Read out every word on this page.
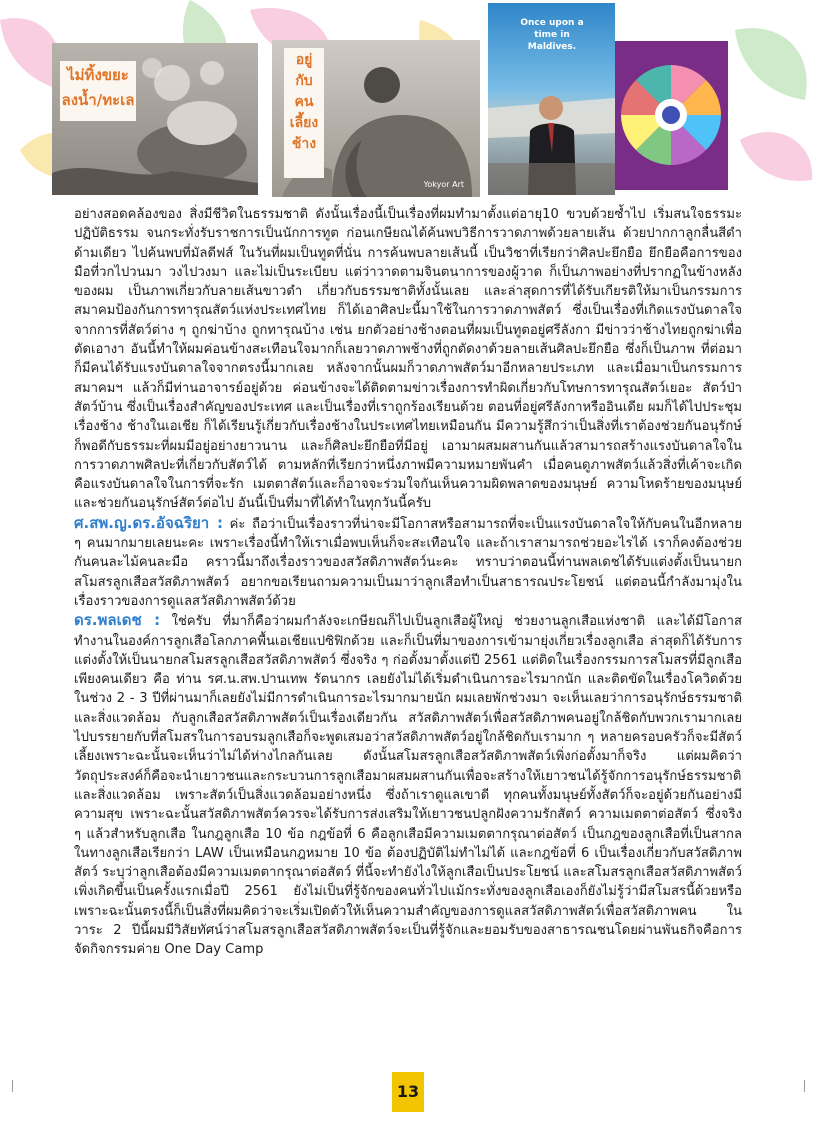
ไม่ทิ้งขยะ
ลงน้ำ/ทะเล
อยู่
กับ
คน
เลี้ยง
ช้าง
Yokyor Art
Once upon a time in Maldives.

อย่างสอดคล้องของ สิ่งมีชีวิตในธรรมชาติ ดังนั้นเรื่องนี้เป็นเรื่องที่ผมทำมาตั้งแต่อายุ10 ขวบด้วยซ้ำไป เริ่มสนใจธรรมะ ปฏิบัติธรรม จนกระทั่งรับราชการเป็นนักการทูต ก่อนเกษียณได้ค้นพบวิธีการวาดภาพด้วยลายเส้น ด้วยปากกาลูกลื่นสีดำด้ามเดียว ไปค้นพบที่มัลดีฟส์ ในวันที่ผมเป็นทูตที่นั่น การค้นพบลายเส้นนี้ เป็นวิชาที่เรียกว่าศิลปะยึกยือ ยึกยือคือการของมือที่วกไปวนมา วงไปวงมา และไม่เป็นระเบียบ แต่ว่าวาดตามจินตนาการของผู้วาด ก็เป็นภาพอย่างที่ปรากฏในข้างหลังของผม เป็นภาพเกี่ยวกับลายเส้นขาวดำ เกี่ยวกับธรรมชาติทั้งนั้นเลย และล่าสุดการที่ได้รับเกียรติให้มาเป็นกรรมการสมาคมป้องกันการทารุณสัตว์แห่งประเทศไทย ก็ได้เอาศิลปะนี้มาใช้ในการวาดภาพสัตว์ ซึ่งเป็นเรื่องที่เกิดแรงบันดาลใจจากการที่สัตว์ต่าง ๆ ถูกฆ่าบ้าง ถูกทารุณบ้าง เช่น ยกตัวอย่างช้างตอนที่ผมเป็นทูตอยู่ศรีลังกา มีข่าวว่าช้างไทยถูกฆ่าเพื่อตัดเอางา อันนี้ทำให้ผมค่อนข้างสะเทือนใจมากก็เลยวาดภาพช้างที่ถูกตัดงาด้วยลายเส้นศิลปะยึกยือ ซึ่งก็เป็นภาพ ที่ต่อมาก็มีคนได้รับแรงบันดาลใจจากตรงนี้มากเลย หลังจากนั้นผมก็วาดภาพสัตว์มาอีกหลายประเภท และเมื่อมาเป็นกรรมการสมาคมฯ แล้วก็มีท่านอาจารย์อยู่ด้วย ค่อนข้างจะได้ติดตามข่าวเรื่องการทำผิดเกี่ยวกับโทษการทารุณสัตว์เยอะ สัตว์ป่า สัตว์บ้าน ซึ่งเป็นเรื่องสำคัญของประเทศ และเป็นเรื่องที่เราถูกร้องเรียนด้วย ตอนที่อยู่ศรีลังกาหรืออินเดีย ผมก็ได้ไปประชุมเรื่องช้าง ช้างในเอเชีย ก็ได้เรียนรู้เกี่ยวกับเรื่องช้างในประเทศไทยเหมือนกัน มีความรู้สึกว่าเป็นสิ่งที่เราต้องช่วยกันอนุรักษ์ ก็พอดีกับธรรมะที่ผมมีอยู่อย่างยาวนาน และก็ศิลปะยึกยือที่มีอยู่ เอามาผสมผสานกันแล้วสามารถสร้างแรงบันดาลใจในการวาดภาพศิลปะที่เกี่ยวกับสัตว์ได้ ตามหลักที่เรียกว่าหนึ่งภาพมีความหมายพันคำ เมื่อคนดูภาพสัตว์แล้วสิ่งที่เค้าจะเกิดคือแรงบันดาลใจในการที่จะรัก เมตตาสัตว์และก็อาจจะร่วมใจกันเห็นความผิดพลาดของมนุษย์ ความโหดร้ายของมนุษย์ และช่วยกันอนุรักษ์สัตว์ต่อไป อันนี้เป็นที่มาที่ได้ทำในทุกวันนี้ครับ

ศ.สพ.ญ.ดร.อัจฉริยา : ค่ะ ถือว่าเป็นเรื่องราวที่น่าจะมีโอกาสหรือสามารถที่จะเป็นแรงบันดาลใจให้กับคนในอีกหลาย ๆ คนมากมายเลยนะคะ เพราะเรื่องนี้ทำให้เราเมื่อพบเห็นก็จะสะเทือนใจ และถ้าเราสามารถช่วยอะไรได้ เราก็คงต้องช่วยกันคนละไม้คนละมือ คราวนี้มาถึงเรื่องราวของสวัสดิภาพสัตว์นะคะ ทราบว่าตอนนี้ท่านพลเดชได้รับแต่งตั้งเป็นนายกสโมสรลูกเสือสวัสดิภาพสัตว์ อยากขอเรียนถามความเป็นมาว่าลูกเสือทำเป็นสาธารณประโยชน์ แต่ตอนนี้กำลังมามุ่งในเรื่องราวของการดูแลสวัสดิภาพสัตว์ด้วย

ดร.พลเดช : ใช่ครับ ที่มาก็คือว่าผมกำลังจะเกษียณก็ไปเป็นลูกเสือผู้ใหญ่ ช่วยงานลูกเสือแห่งชาติ และได้มีโอกาสทำงานในองค์การลูกเสือโลกภาคพื้นเอเชียแปซิฟิกด้วย และก็เป็นที่มาของการเข้ามายุ่งเกี่ยวเรื่องลูกเสือ ล่าสุดก็ได้รับการแต่งตั้งให้เป็นนายกสโมสรลูกเสือสวัสดิภาพสัตว์ ซึ่งจริง ๆ ก่อตั้งมาตั้งแต่ปี 2561 แต่ติดในเรื่องกรรมการสโมสรที่มีลูกเสือเพียงคนเดียว คือ ท่าน รศ.น.สพ.ปานเทพ รัตนากร เลยยังไม่ได้เริ่มดำเนินการอะไรมากนัก และติดขัดในเรื่องโควิดด้วยในช่วง 2 - 3 ปีที่ผ่านมาก็เลยยังไม่มีการดำเนินการอะไรมากมายนัก ผมเลยพักช่วงมา จะเห็นเลยว่าการอนุรักษ์ธรรมชาติและสิ่งแวดล้อม กับลูกเสือสวัสดิภาพสัตว์เป็นเรื่องเดียวกัน สวัสดิภาพสัตว์เพื่อสวัสดิภาพคนอยู่ใกล้ชิดกับพวกเรามากเลย ไปบรรยายกับที่สโมสรในการอบรมลูกเสือก็จะพูดเสมอว่าสวัสดิภาพสัตว์อยู่ใกล้ชิดกับเรามาก ๆ หลายครอบครัวก็จะมีสัตว์เลี้ยงเพราะฉะนั้นจะเห็นว่าไม่ได้ห่างไกลกันเลย ดังนั้นสโมสรลูกเสือสวัสดิภาพสัตว์เพิ่งก่อตั้งมาก็จริง แต่ผมคิดว่าวัตถุประสงค์ก็คือจะนำเยาวชนและกระบวนการลูกเสือมาผสมผสานกันเพื่อจะสร้างให้เยาวชนได้รู้จักการอนุรักษ์ธรรมชาติและสิ่งแวดล้อม เพราะสัตว์เป็นสิ่งแวดล้อมอย่างหนึ่ง ซึ่งถ้าเราดูแลเขาดี ทุกคนทั้งมนุษย์ทั้งสัตว์ก็จะอยู่ด้วยกันอย่างมีความสุข เพราะฉะนั้นสวัสดิภาพสัตว์ควรจะได้รับการส่งเสริมให้เยาวชนปลูกฝังความรักสัตว์ ความเมตตาต่อสัตว์ ซึ่งจริง ๆ แล้วสำหรับลูกเสือ ในกฎลูกเสือ 10 ข้อ กฎข้อที่ 6 คือลูกเสือมีความเมตตากรุณาต่อสัตว์ เป็นกฎของลูกเสือที่เป็นสากล ในทางลูกเสือเรียกว่า LAW เป็นเหมือนกฎหมาย 10 ข้อ ต้องปฏิบัติไม่ทำไม่ได้ และกฎข้อที่ 6 เป็นเรื่องเกี่ยวกับสวัสดิภาพสัตว์ ระบุว่าลูกเสือต้องมีความเมตตากรุณาต่อสัตว์ ที่นี้จะทำยังไงให้ลูกเสือเป็นประโยชน์ และสโมสรลูกเสือสวัสดิภาพสัตว์เพิ่งเกิดขึ้นเป็นครั้งแรกเมื่อปี 2561 ยังไม่เป็นที่รู้จักของคนทั่วไปแม้กระทั่งของลูกเสือเองก็ยังไม่รู้ว่ามีสโมสรนี้ด้วยหรือเพราะฉะนั้นตรงนี้ก็เป็นสิ่งที่ผมคิดว่าจะเริ่มเปิดตัวให้เห็นความสำคัญของการดูแลสวัสดิภาพสัตว์เพื่อสวัสดิภาพคน ในวาระ 2 ปีนี้ผมมีวิสัยทัศน์ว่าสโมสรลูกเสือสวัสดิภาพสัตว์จะเป็นที่รู้จักและยอมรับของสาธารณชนโดยผ่านพันธกิจคือการจัดกิจกรรมค่าย One Day Camp

13
